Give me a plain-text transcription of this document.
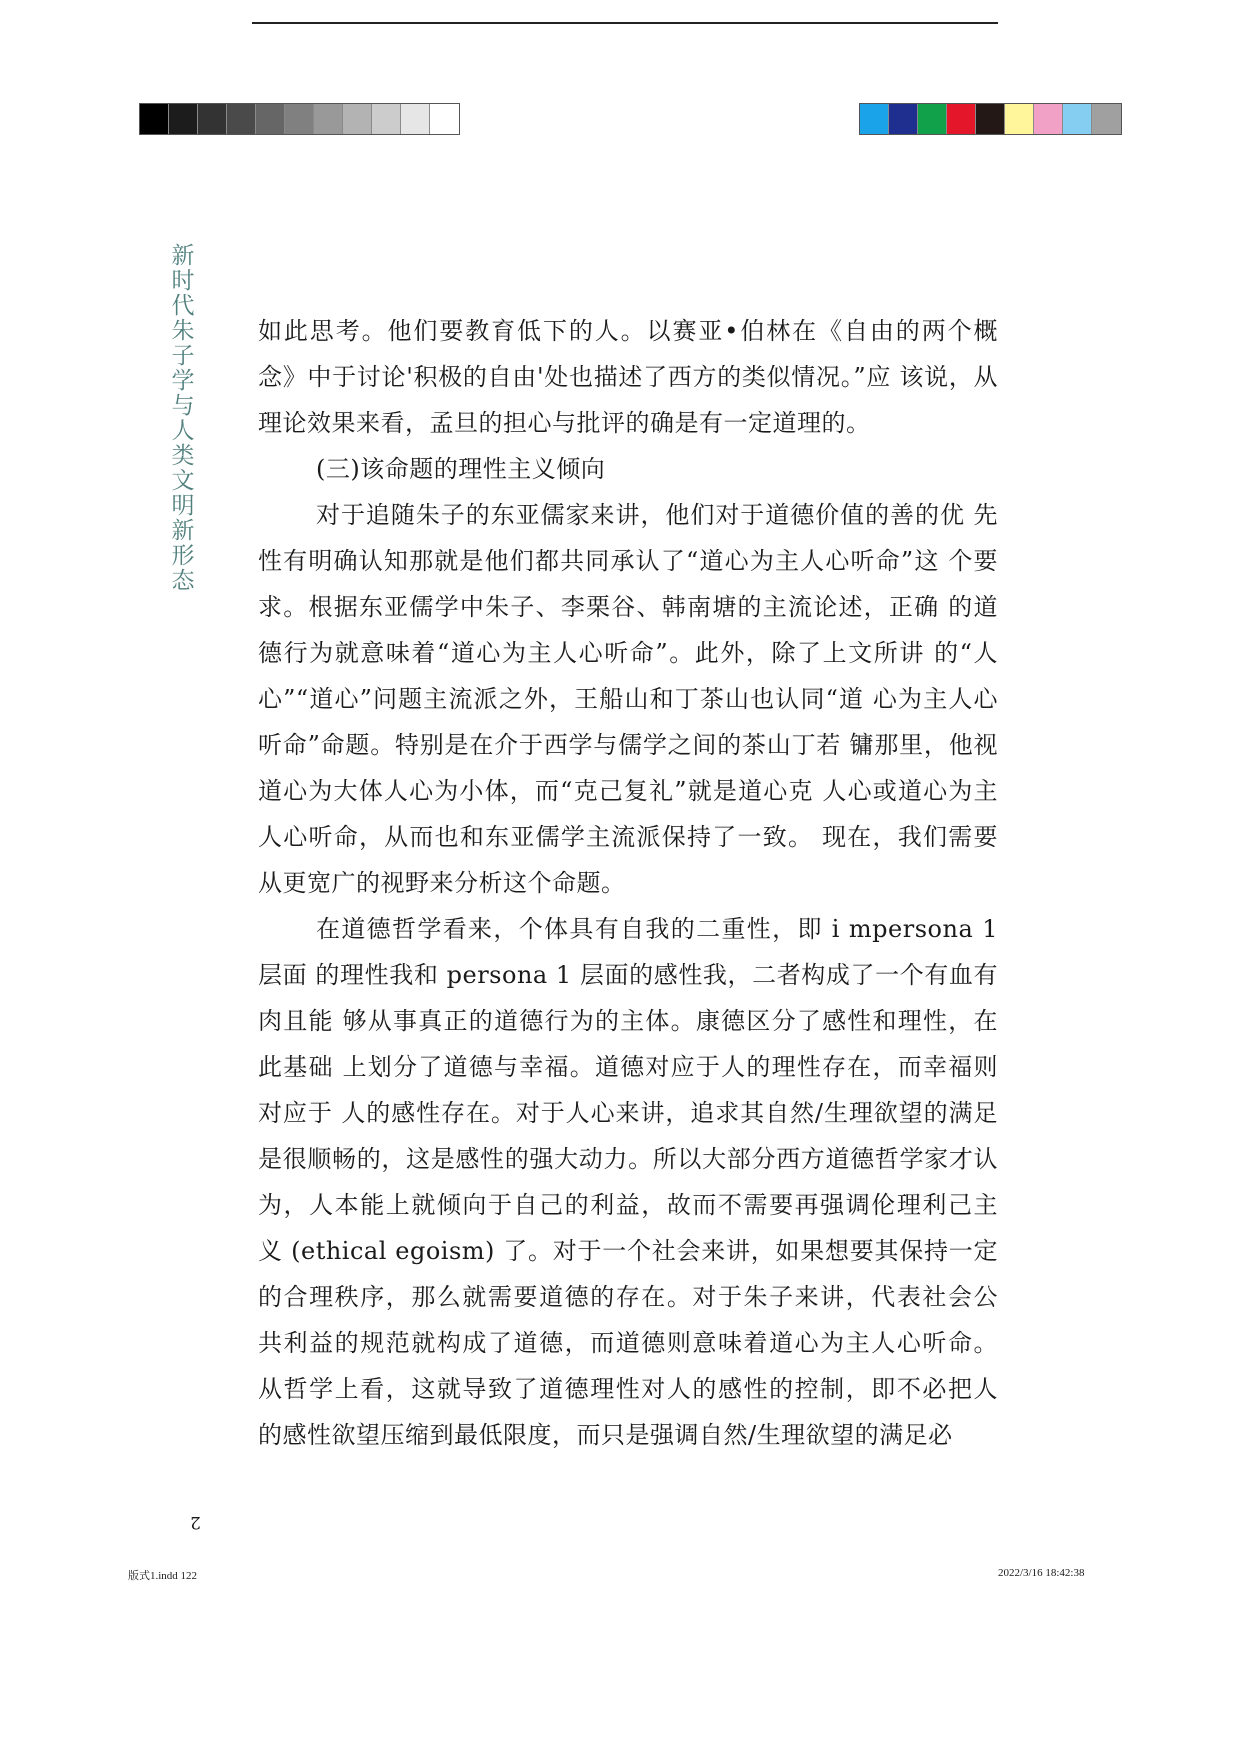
新时代朱子学与人类文明新形态

如此思考。他们要教育低下的人。以赛亚•伯林在《自由的两个概 念》中于讨论'积极的自由'处也描述了西方的类似情况。”应 该说，从理论效果来看，孟旦的担心与批评的确是有一定道理的。

(三)该命题的理性主义倾向

对于追随朱子的东亚儒家来讲，他们对于道德价值的善的优 先性有明确认知那就是他们都共同承认了“道心为主人心听命”这 个要求。根据东亚儒学中朱子、李栗谷、韩南塘的主流论述，正确 的道德行为就意味着“道心为主人心听命”。此外，除了上文所讲 的“人心”“道心”问题主流派之外，王船山和丁茶山也认同“道 心为主人心听命”命题。特别是在介于西学与儒学之间的茶山丁若 镛那里，他视道心为大体人心为小体，而“克己复礼”就是道心克 人心或道心为主人心听命，从而也和东亚儒学主流派保持了一致。 现在，我们需要从更宽广的视野来分析这个命题。

在道德哲学看来，个体具有自我的二重性，即 i mpersona 1 层面 的理性我和 persona 1 层面的感性我，二者构成了一个有血有肉且能 够从事真正的道德行为的主体。康德区分了感性和理性，在此基础 上划分了道德与幸福。道德对应于人的理性存在，而幸福则对应于 人的感性存在。对于人心来讲，追求其自然/生理欲望的满足是很顺畅的，这是感性的强大动力。所以大部分西方道德哲学家才认 为，人本能上就倾向于自己的利益，故而不需要再强调伦理利己主 义 (ethical egoism) 了。对于一个社会来讲，如果想要其保持一定 的合理秩序，那么就需要道德的存在。对于朱子来讲，代表社会公 共利益的规范就构成了道德，而道德则意味着道心为主人心听命。 从哲学上看，这就导致了道德理性对人的感性的控制，即不必把人 的感性欲望压缩到最低限度，而只是强调自然/生理欲望的满足必

2
版式1.indd 122	2022/3/16 18:42:38
